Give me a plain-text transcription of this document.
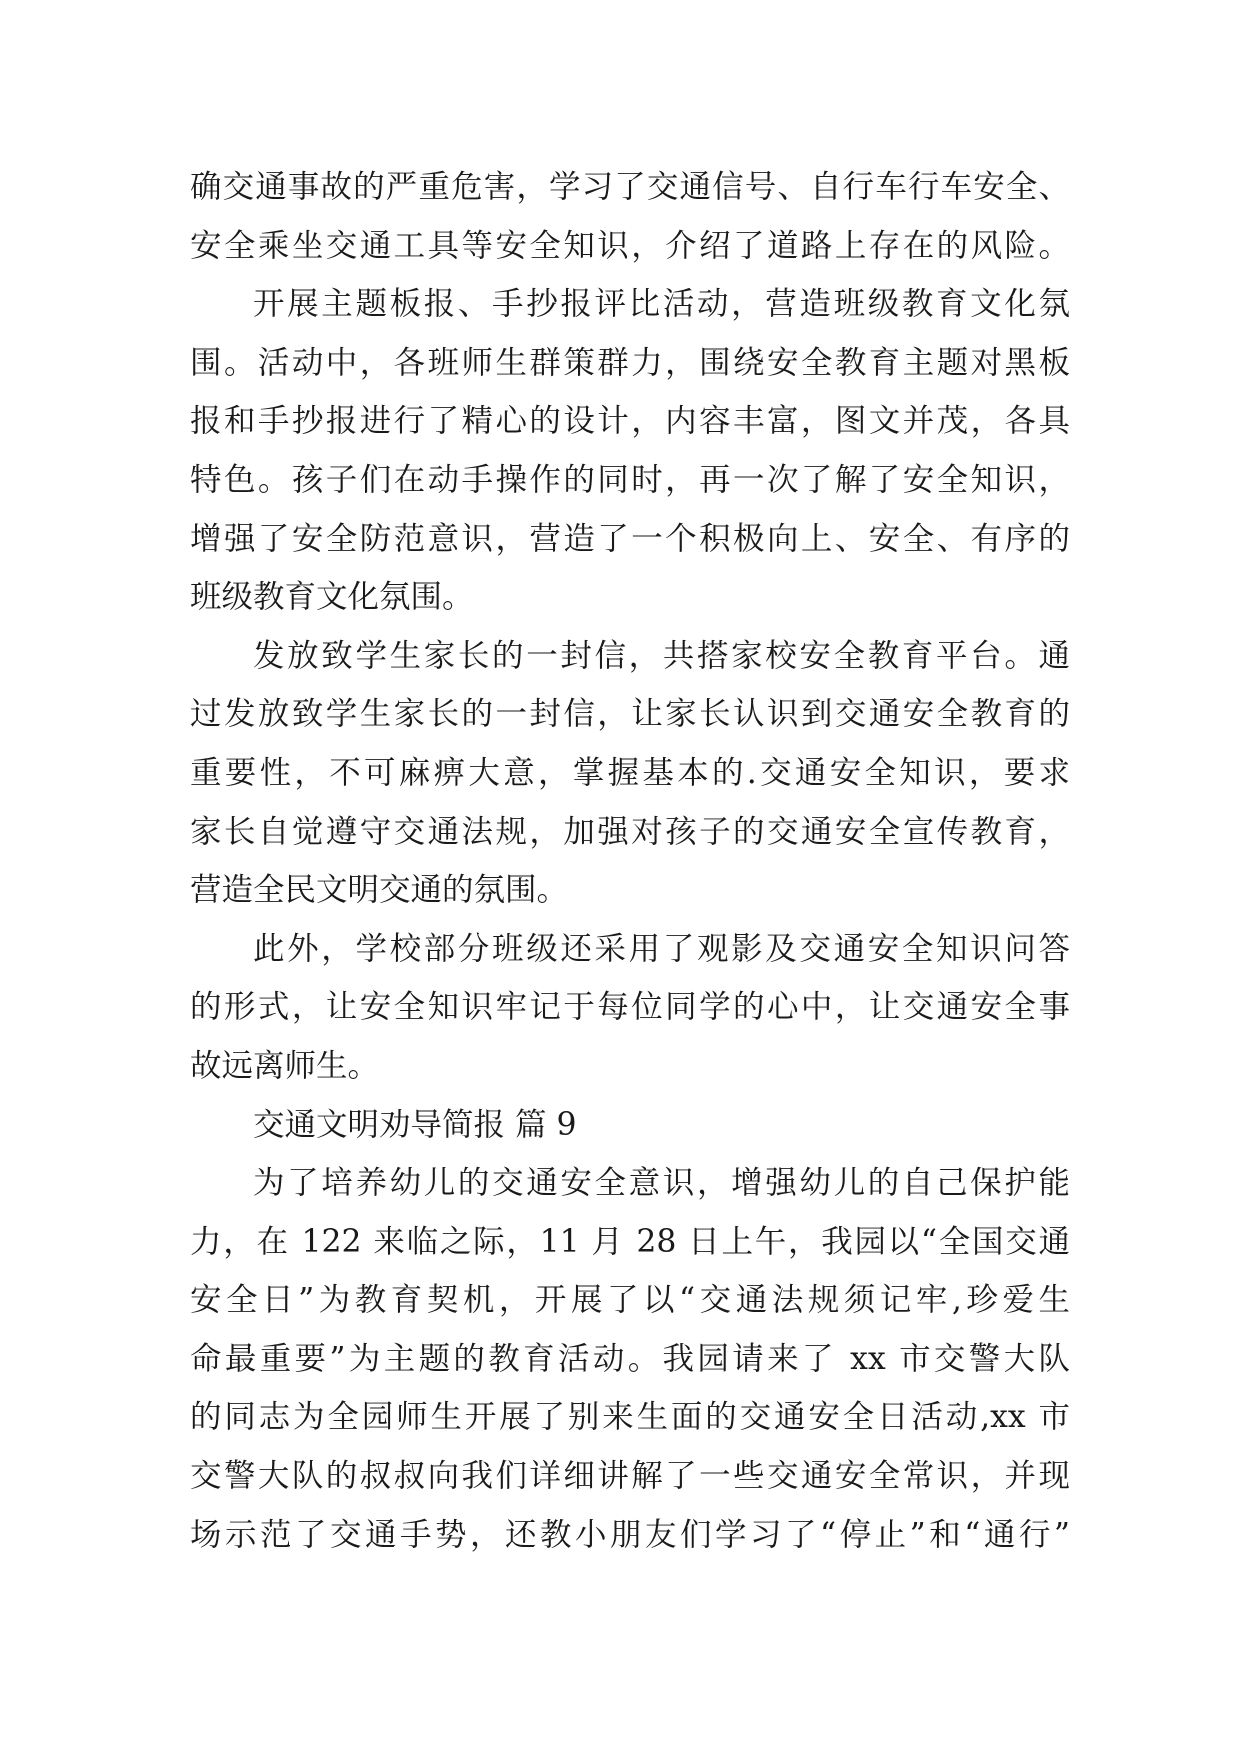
确交通事故的严重危害，学习了交通信号、自行车行车安全、
安全乘坐交通工具等安全知识，介绍了道路上存在的风险。
开展主题板报、手抄报评比活动，营造班级教育文化氛
围。活动中，各班师生群策群力，围绕安全教育主题对黑板
报和手抄报进行了精心的设计，内容丰富，图文并茂，各具
特色。孩子们在动手操作的同时，再一次了解了安全知识，
增强了安全防范意识，营造了一个积极向上、安全、有序的
班级教育文化氛围。
发放致学生家长的一封信，共搭家校安全教育平台。通
过发放致学生家长的一封信，让家长认识到交通安全教育的
重要性，不可麻痹大意，掌握基本的.交通安全知识，要求
家长自觉遵守交通法规，加强对孩子的交通安全宣传教育，
营造全民文明交通的氛围。
此外，学校部分班级还采用了观影及交通安全知识问答
的形式，让安全知识牢记于每位同学的心中，让交通安全事
故远离师生。
交通文明劝导简报 篇 9
为了培养幼儿的交通安全意识，增强幼儿的自己保护能
力，在 122 来临之际，11 月 28 日上午，我园以“全国交通
安全日”为教育契机，开展了以“交通法规须记牢,珍爱生
命最重要”为主题的教育活动。我园请来了 xx 市交警大队
的同志为全园师生开展了别来生面的交通安全日活动,xx 市
交警大队的叔叔向我们详细讲解了一些交通安全常识，并现
场示范了交通手势，还教小朋友们学习了“停止”和“通行”
